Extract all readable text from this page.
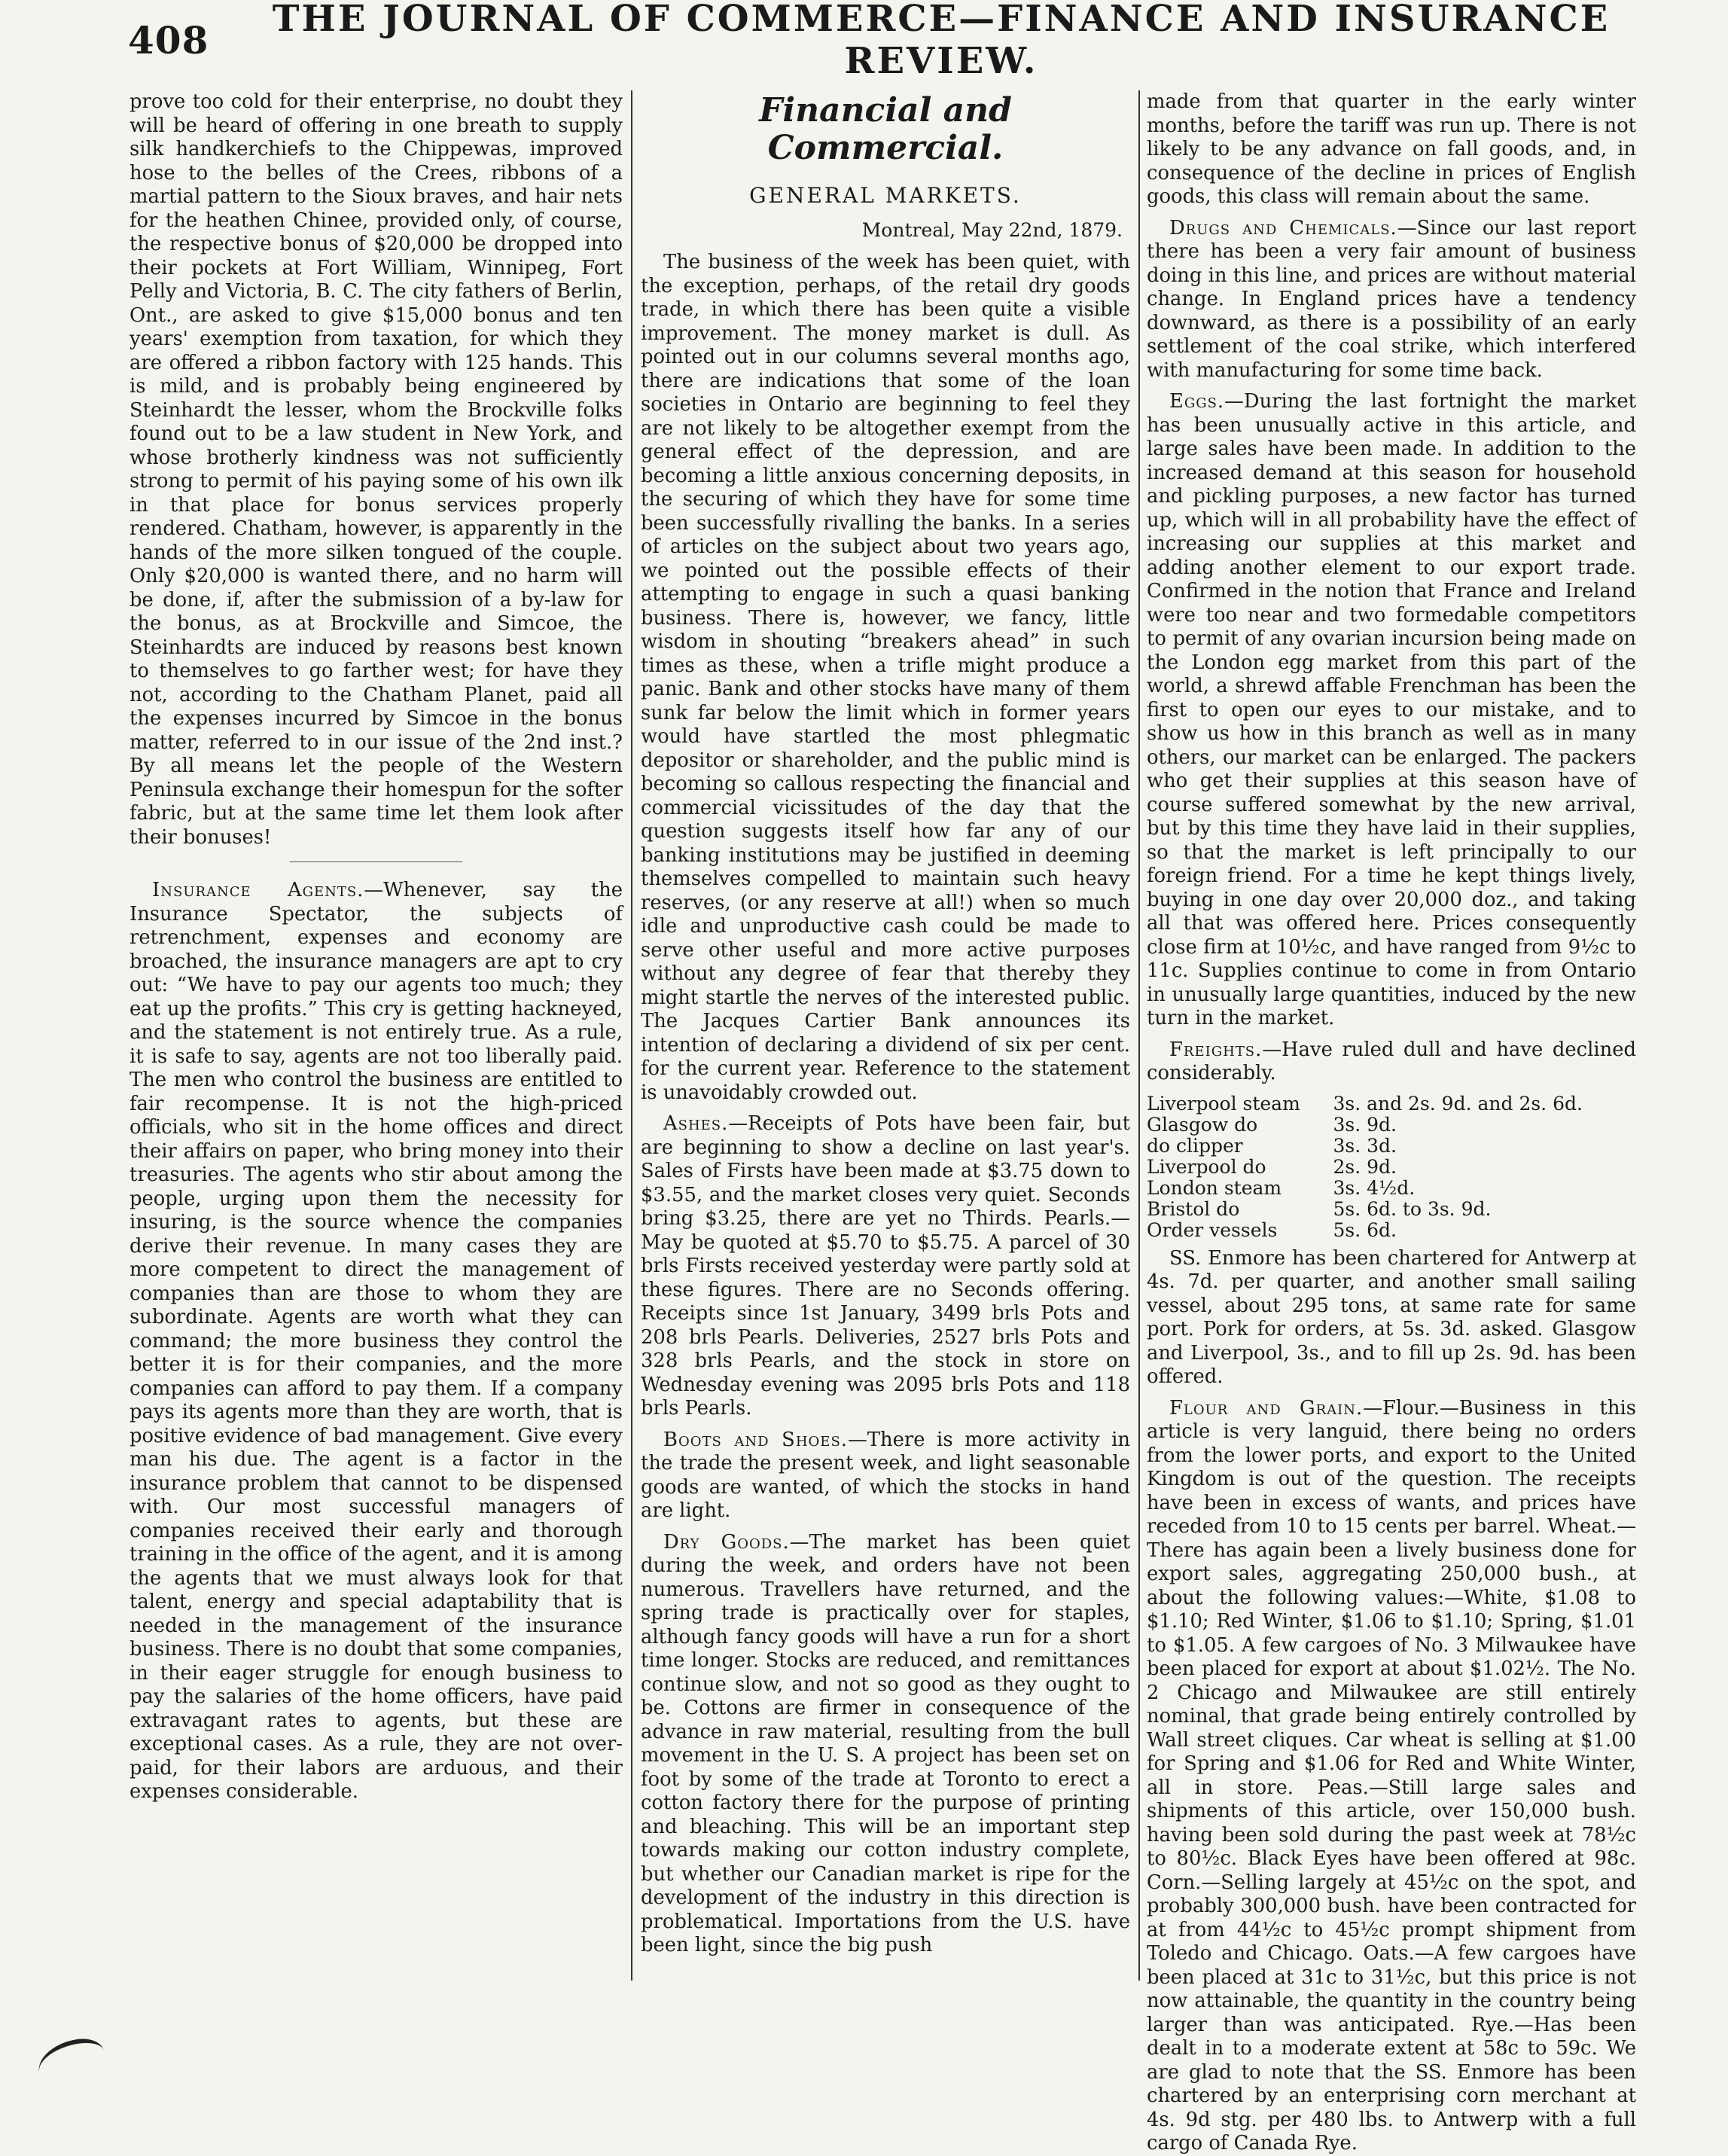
408	THE JOURNAL OF COMMERCE—FINANCE AND INSURANCE REVIEW.

prove too cold for their enterprise, no doubt they will be heard of offering in one breath to supply silk handkerchiefs to the Chippewas, improved hose to the belles of the Crees, ribbons of a martial pattern to the Sioux braves, and hair nets for the heathen Chinee, provided only, of course, the respective bonus of $20,000 be dropped into their pockets at Fort William, Winnipeg, Fort Pelly and Victoria, B. C. The city fathers of Berlin, Ont., are asked to give $15,000 bonus and ten years' exemption from taxation, for which they are offered a ribbon factory with 125 hands. This is mild, and is probably being engineered by Steinhardt the lesser, whom the Brockville folks found out to be a law student in New York, and whose brotherly kindness was not sufficiently strong to permit of his paying some of his own ilk in that place for bonus services properly rendered. Chatham, however, is apparently in the hands of the more silken tongued of the couple. Only $20,000 is wanted there, and no harm will be done, if, after the submission of a by-law for the bonus, as at Brockville and Simcoe, the Steinhardts are induced by reasons best known to themselves to go farther west; for have they not, according to the Chatham Planet, paid all the expenses incurred by Simcoe in the bonus matter, referred to in our issue of the 2nd inst.? By all means let the people of the Western Peninsula exchange their homespun for the softer fabric, but at the same time let them look after their bonuses!

Insurance Agents.—Whenever, say the Insurance Spectator, the subjects of retrenchment, expenses and economy are broached, the insurance managers are apt to cry out: “We have to pay our agents too much; they eat up the profits.” This cry is getting hackneyed, and the statement is not entirely true. As a rule, it is safe to say, agents are not too liberally paid. The men who control the business are entitled to fair recompense. It is not the high-priced officials, who sit in the home offices and direct their affairs on paper, who bring money into their treasuries. The agents who stir about among the people, urging upon them the necessity for insuring, is the source whence the companies derive their revenue. In many cases they are more competent to direct the management of companies than are those to whom they are subordinate. Agents are worth what they can command; the more business they control the better it is for their companies, and the more companies can afford to pay them. If a company pays its agents more than they are worth, that is positive evidence of bad management. Give every man his due. The agent is a factor in the insurance problem that cannot to be dispensed with. Our most successful managers of companies received their early and thorough training in the office of the agent, and it is among the agents that we must always look for that talent, energy and special adaptability that is needed in the management of the insurance business. There is no doubt that some companies, in their eager struggle for enough business to pay the salaries of the home officers, have paid extravagant rates to agents, but these are exceptional cases. As a rule, they are not over-paid, for their labors are arduous, and their expenses considerable.

Financial and Commercial.
GENERAL MARKETS.
Montreal, May 22nd, 1879.

The business of the week has been quiet, with the exception, perhaps, of the retail dry goods trade, in which there has been quite a visible improvement. The money market is dull. As pointed out in our columns several months ago, there are indications that some of the loan societies in Ontario are beginning to feel they are not likely to be altogether exempt from the general effect of the depression, and are becoming a little anxious concerning deposits, in the securing of which they have for some time been successfully rivalling the banks. In a series of articles on the subject about two years ago, we pointed out the possible effects of their attempting to engage in such a quasi banking business. There is, however, we fancy, little wisdom in shouting “breakers ahead” in such times as these, when a trifle might produce a panic. Bank and other stocks have many of them sunk far below the limit which in former years would have startled the most phlegmatic depositor or shareholder, and the public mind is becoming so callous respecting the financial and commercial vicissitudes of the day that the question suggests itself how far any of our banking institutions may be justified in deeming themselves compelled to maintain such heavy reserves, (or any reserve at all!) when so much idle and unproductive cash could be made to serve other useful and more active purposes without any degree of fear that thereby they might startle the nerves of the interested public. The Jacques Cartier Bank announces its intention of declaring a dividend of six per cent. for the current year. Reference to the statement is unavoidably crowded out.

Ashes.—Receipts of Pots have been fair, but are beginning to show a decline on last year's. Sales of Firsts have been made at $3.75 down to $3.55, and the market closes very quiet. Seconds bring $3.25, there are yet no Thirds. Pearls.—May be quoted at $5.70 to $5.75. A parcel of 30 brls Firsts received yesterday were partly sold at these figures. There are no Seconds offering. Receipts since 1st January, 3499 brls Pots and 208 brls Pearls. Deliveries, 2527 brls Pots and 328 brls Pearls, and the stock in store on Wednesday evening was 2095 brls Pots and 118 brls Pearls.

Boots and Shoes.—There is more activity in the trade the present week, and light seasonable goods are wanted, of which the stocks in hand are light.

Dry Goods.—The market has been quiet during the week, and orders have not been numerous. Travellers have returned, and the spring trade is practically over for staples, although fancy goods will have a run for a short time longer. Stocks are reduced, and remittances continue slow, and not so good as they ought to be. Cottons are firmer in consequence of the advance in raw material, resulting from the bull movement in the U. S. A project has been set on foot by some of the trade at Toronto to erect a cotton factory there for the purpose of printing and bleaching. This will be an important step towards making our cotton industry complete, but whether our Canadian market is ripe for the development of the industry in this direction is problematical. Importations from the U.S. have been light, since the big push

made from that quarter in the early winter months, before the tariff was run up. There is not likely to be any advance on fall goods, and, in consequence of the decline in prices of English goods, this class will remain about the same.

Drugs and Chemicals.—Since our last report there has been a very fair amount of business doing in this line, and prices are without material change. In England prices have a tendency downward, as there is a possibility of an early settlement of the coal strike, which interfered with manufacturing for some time back.

Eggs.—During the last fortnight the market has been unusually active in this article, and large sales have been made. In addition to the increased demand at this season for household and pickling purposes, a new factor has turned up, which will in all probability have the effect of increasing our supplies at this market and adding another element to our export trade. Confirmed in the notion that France and Ireland were too near and two formedable competitors to permit of any ovarian incursion being made on the London egg market from this part of the world, a shrewd affable Frenchman has been the first to open our eyes to our mistake, and to show us how in this branch as well as in many others, our market can be enlarged. The packers who get their supplies at this season have of course suffered somewhat by the new arrival, but by this time they have laid in their supplies, so that the market is left principally to our foreign friend. For a time he kept things lively, buying in one day over 20,000 doz., and taking all that was offered here. Prices consequently close firm at 10½c, and have ranged from 9½c to 11c. Supplies continue to come in from Ontario in unusually large quantities, induced by the new turn in the market.

Freights.—Have ruled dull and have declined considerably.

Liverpool steam	3s. and 2s. 9d. and 2s. 6d.
Glasgow do	3s. 9d.
do clipper	3s. 3d.
Liverpool do	2s. 9d.
London steam	3s. 4½d.
Bristol do	5s. 6d. to 3s. 9d.
Order vessels	5s. 6d.

SS. Enmore has been chartered for Antwerp at 4s. 7d. per quarter, and another small sailing vessel, about 295 tons, at same rate for same port. Pork for orders, at 5s. 3d. asked. Glasgow and Liverpool, 3s., and to fill up 2s. 9d. has been offered.

Flour and Grain.—Flour.—Business in this article is very languid, there being no orders from the lower ports, and export to the United Kingdom is out of the question. The receipts have been in excess of wants, and prices have receded from 10 to 15 cents per barrel. Wheat.—There has again been a lively business done for export sales, aggregating 250,000 bush., at about the following values:—White, $1.08 to $1.10; Red Winter, $1.06 to $1.10; Spring, $1.01 to $1.05. A few cargoes of No. 3 Milwaukee have been placed for export at about $1.02½. The No. 2 Chicago and Milwaukee are still entirely nominal, that grade being entirely controlled by Wall street cliques. Car wheat is selling at $1.00 for Spring and $1.06 for Red and White Winter, all in store. Peas.—Still large sales and shipments of this article, over 150,000 bush. having been sold during the past week at 78½c to 80½c. Black Eyes have been offered at 98c. Corn.—Selling largely at 45½c on the spot, and probably 300,000 bush. have been contracted for at from 44½c to 45½c prompt shipment from Toledo and Chicago. Oats.—A few cargoes have been placed at 31c to 31½c, but this price is not now attainable, the quantity in the country being larger than was anticipated. Rye.—Has been dealt in to a moderate extent at 58c to 59c. We are glad to note that the SS. Enmore has been chartered by an enterprising corn merchant at 4s. 9d stg. per 480 lbs. to Antwerp with a full cargo of Canada Rye.
